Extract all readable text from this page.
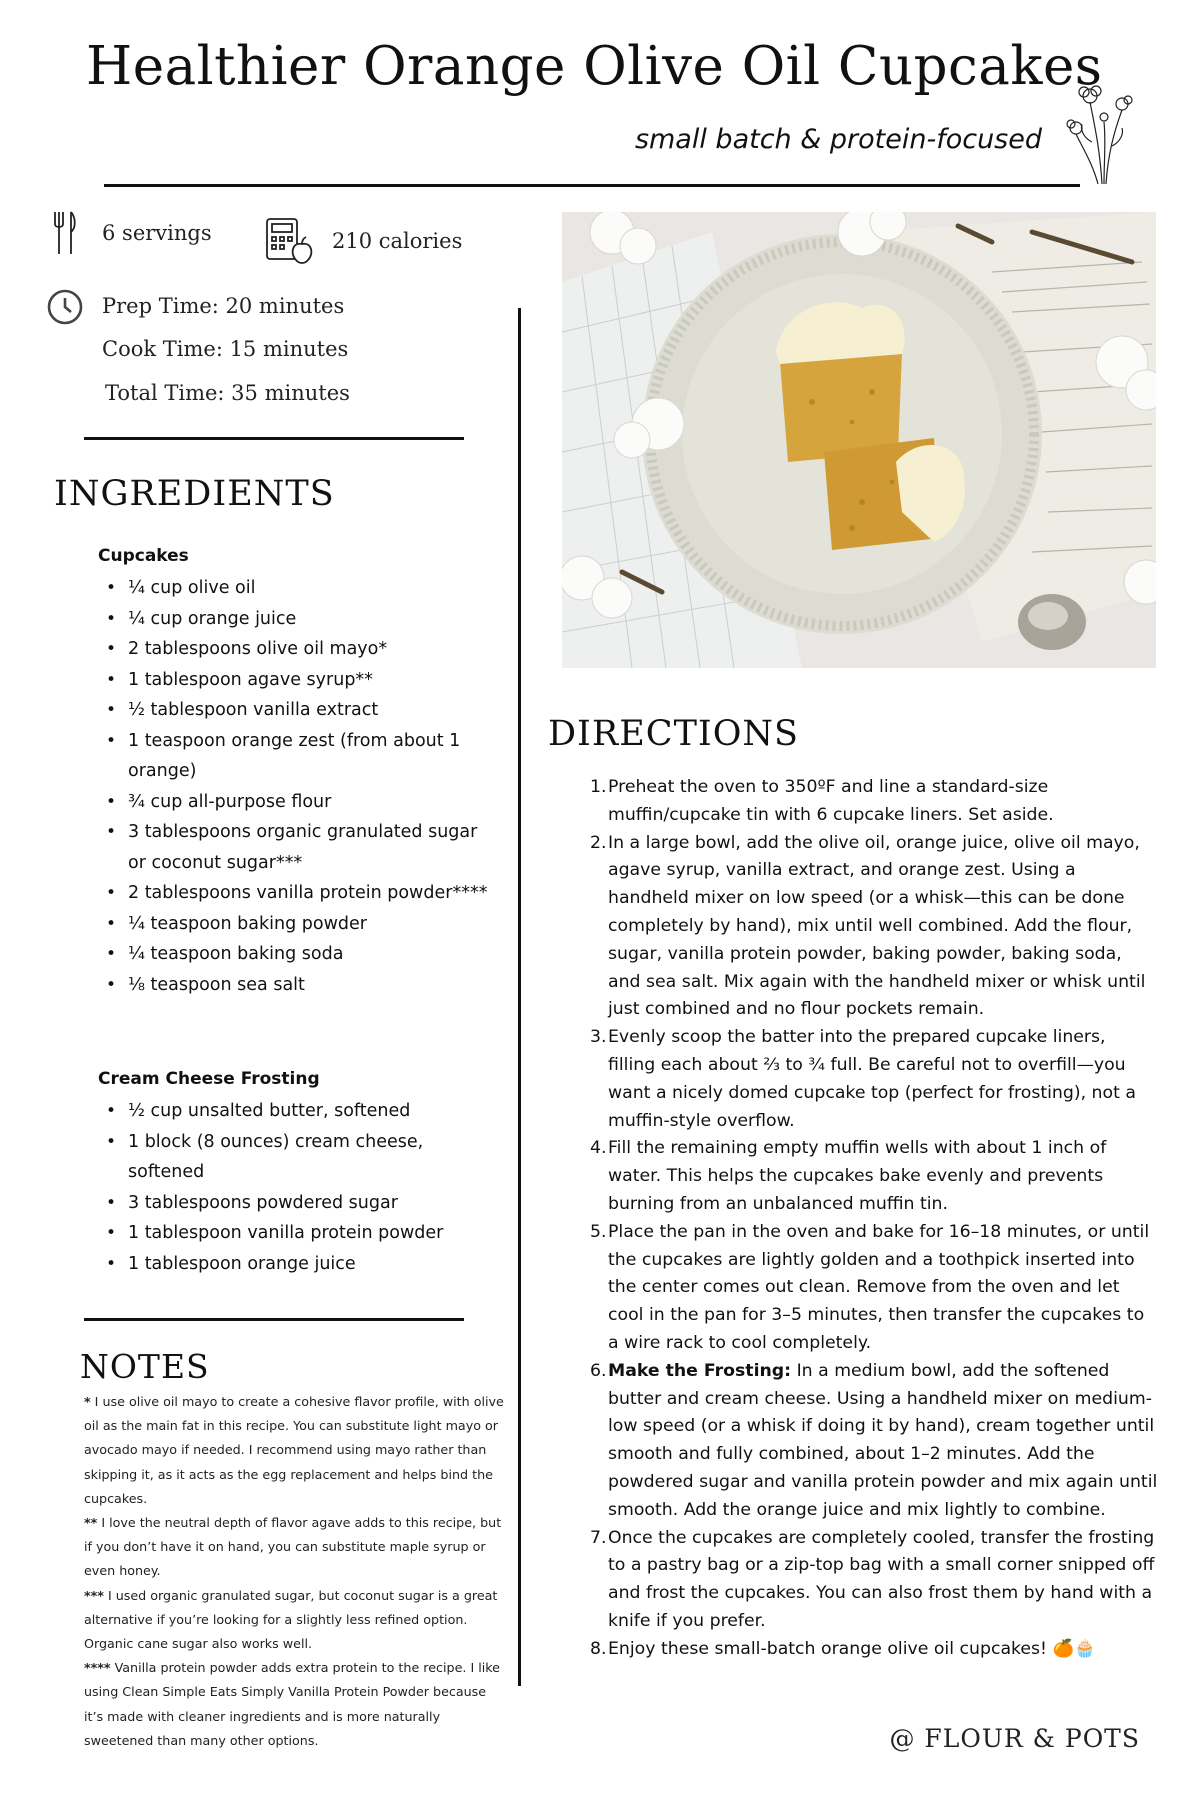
Healthier Orange Olive Oil Cupcakes
small batch & protein-focused
6 servings	210 calories
Prep Time: 20 minutes
Cook Time: 15 minutes
Total Time: 35 minutes
INGREDIENTS
Cupcakes
• ¼ cup olive oil
• ¼ cup orange juice
• 2 tablespoons olive oil mayo*
• 1 tablespoon agave syrup**
• ½ tablespoon vanilla extract
• 1 teaspoon orange zest (from about 1 orange)
• ¾ cup all-purpose flour
• 3 tablespoons organic granulated sugar or coconut sugar***
• 2 tablespoons vanilla protein powder****
• ¼ teaspoon baking powder
• ¼ teaspoon baking soda
• ⅛ teaspoon sea salt
Cream Cheese Frosting
• ½ cup unsalted butter, softened
• 1 block (8 ounces) cream cheese, softened
• 3 tablespoons powdered sugar
• 1 tablespoon vanilla protein powder
• 1 tablespoon orange juice
NOTES

* I use olive oil mayo to create a cohesive flavor profile, with olive oil as the main fat in this recipe. You can substitute light mayo or avocado mayo if needed. I recommend using mayo rather than skipping it, as it acts as the egg replacement and helps bind the cupcakes.

** I love the neutral depth of flavor agave adds to this recipe, but if you don’t have it on hand, you can substitute maple syrup or even honey.

*** I used organic granulated sugar, but coconut sugar is a great alternative if you’re looking for a slightly less refined option. Organic cane sugar also works well.

**** Vanilla protein powder adds extra protein to the recipe. I like using Clean Simple Eats Simply Vanilla Protein Powder because it’s made with cleaner ingredients and is more naturally sweetened than many other options.

DIRECTIONS
1. Preheat the oven to 350ºF and line a standard-size muffin/cupcake tin with 6 cupcake liners. Set aside.
2. In a large bowl, add the olive oil, orange juice, olive oil mayo, agave syrup, vanilla extract, and orange zest. Using a handheld mixer on low speed (or a whisk—this can be done completely by hand), mix until well combined. Add the flour, sugar, vanilla protein powder, baking powder, baking soda, and sea salt. Mix again with the handheld mixer or whisk until just combined and no flour pockets remain.
3. Evenly scoop the batter into the prepared cupcake liners, filling each about ⅔ to ¾ full. Be careful not to overfill—you want a nicely domed cupcake top (perfect for frosting), not a muffin-style overflow.
4. Fill the remaining empty muffin wells with about 1 inch of water. This helps the cupcakes bake evenly and prevents burning from an unbalanced muffin tin.
5. Place the pan in the oven and bake for 16–18 minutes, or until the cupcakes are lightly golden and a toothpick inserted into the center comes out clean. Remove from the oven and let cool in the pan for 3–5 minutes, then transfer the cupcakes to a wire rack to cool completely.
6. Make the Frosting: In a medium bowl, add the softened butter and cream cheese. Using a handheld mixer on medium-low speed (or a whisk if doing it by hand), cream together until smooth and fully combined, about 1–2 minutes. Add the powdered sugar and vanilla protein powder and mix again until smooth. Add the orange juice and mix lightly to combine.
7. Once the cupcakes are completely cooled, transfer the frosting to a pastry bag or a zip-top bag with a small corner snipped off and frost the cupcakes. You can also frost them by hand with a knife if you prefer.
8. Enjoy these small-batch orange olive oil cupcakes! 🍊🧁
@ FLOUR & POTS
